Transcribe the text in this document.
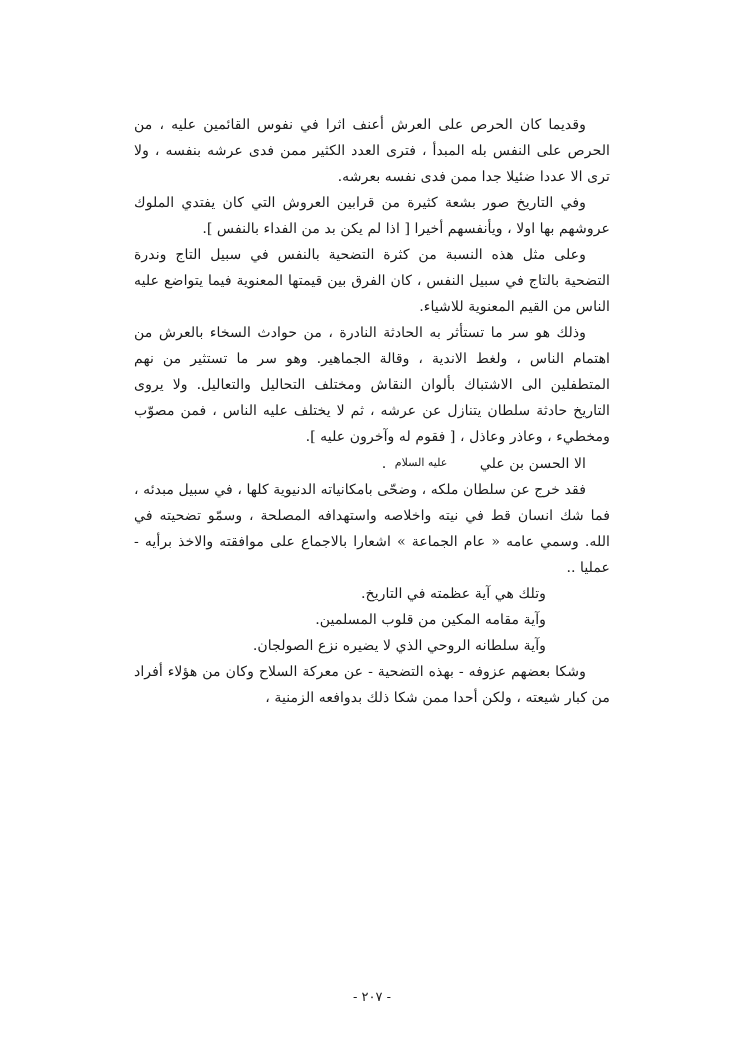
وقديما كان الحرص على العرش أعنف اثرا في نفوس القائمين عليه ، من الحرص على النفس بله المبدأ ، فترى العدد الكثير ممن فدى عرشه بنفسه ، ولا ترى الا عددا ضئيلا جدا ممن فدى نفسه بعرشه.

وفي التاريخ صور بشعة كثيرة من قرابين العروش التي كان يفتدي الملوك عروشهم بها اولا ، ويأنفسهم أخيرا [ اذا لم يكن بد من الفداء بالنفس ].

وعلى مثل هذه النسبة من كثرة التضحية بالنفس في سبيل التاج وندرة التضحية بالتاج في سبيل النفس ، كان الفرق بين قيمتها المعنوية فيما يتواضع عليه الناس من القيم المعنوية للاشياء.

وذلك هو سر ما تستأثر به الحادثة النادرة ، من حوادث السخاء بالعرش من اهتمام الناس ، ولغط الاندية ، وقالة الجماهير. وهو سر ما تستثير من نهم المتطفلين الى الاشتباك بألوان النقاش ومختلف التحاليل والتعاليل. ولا يروى التاريخ حادثة سلطان يتنازل عن عرشه ، ثم لا يختلف عليه الناس ، فمن مصوّب ومخطيء ، وعاذر وعاذل ، [ فقوم له وآخرون عليه ].

الا الحسن بن علي عليه السلام .

فقد خرج عن سلطان ملكه ، وضحّى بامكانياته الدنيوية كلها ، في سبيل مبدئه ، فما شك انسان قط في نيته واخلاصه واستهدافه المصلحة ، وسمّو تضحيته في الله. وسمي عامه « عام الجماعة » اشعارا بالاجماع على موافقته والاخذ برأيه - عمليا ..

وتلك هي آية عظمته في التاريخ.

وآية مقامه المكين من قلوب المسلمين.

وآية سلطانه الروحي الذي لا يضيره نزع الصولجان.

وشكا بعضهم عزوفه - بهذه التضحية - عن معركة السلاح وكان من هؤلاء أفراد من كبار شيعته ، ولكن أحدا ممن شكا ذلك بدوافعه الزمنية ،

- ٢٠٧ -
